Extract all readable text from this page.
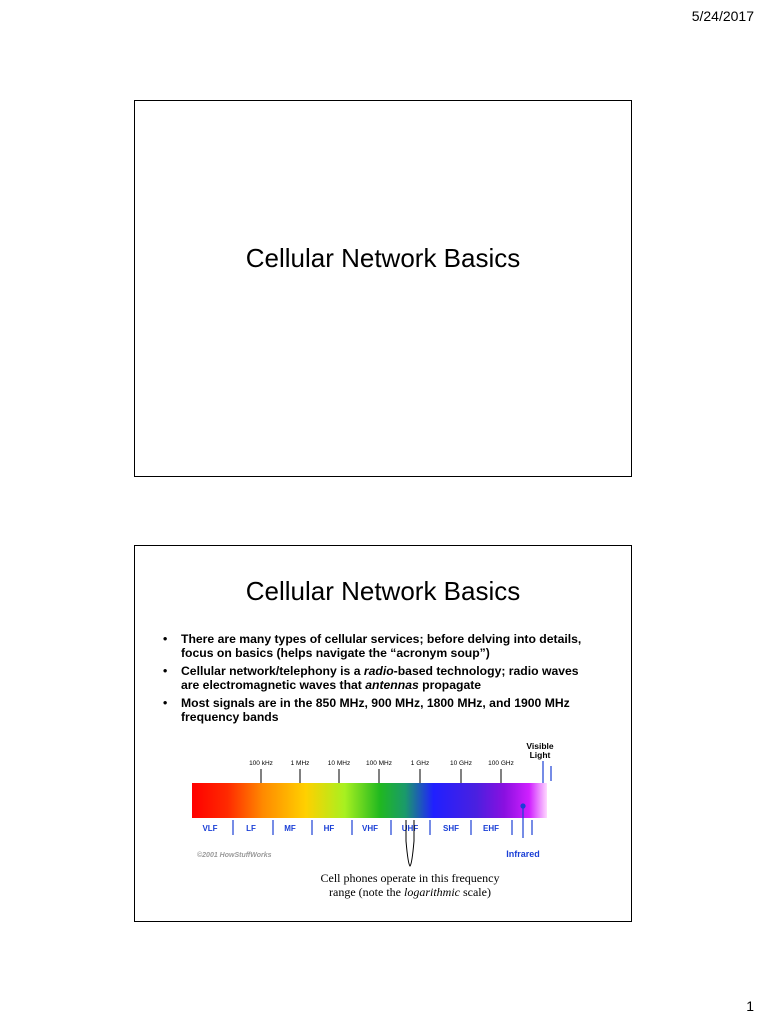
5/24/2017
Cellular Network Basics
Cellular Network Basics
• There are many types of cellular services; before delving into details, focus on basics (helps navigate the “acronym soup”)
• Cellular network/telephony is a radio-based technology; radio waves are electromagnetic waves that antennas propagate
• Most signals are in the 850 MHz, 900 MHz, 1800 MHz, and 1900 MHz frequency bands
Visible
Light
100 kHz	1 MHz	10 MHz 100 MHz	1 GHz	10 GHz 100 GHz
VLF	LF	MF	HF	VHF	UHF	SHF	EHF
Infrared
©2001 HowStuffWorks
Cell phones operate in this frequency
range (note the logarithmic scale)
1
